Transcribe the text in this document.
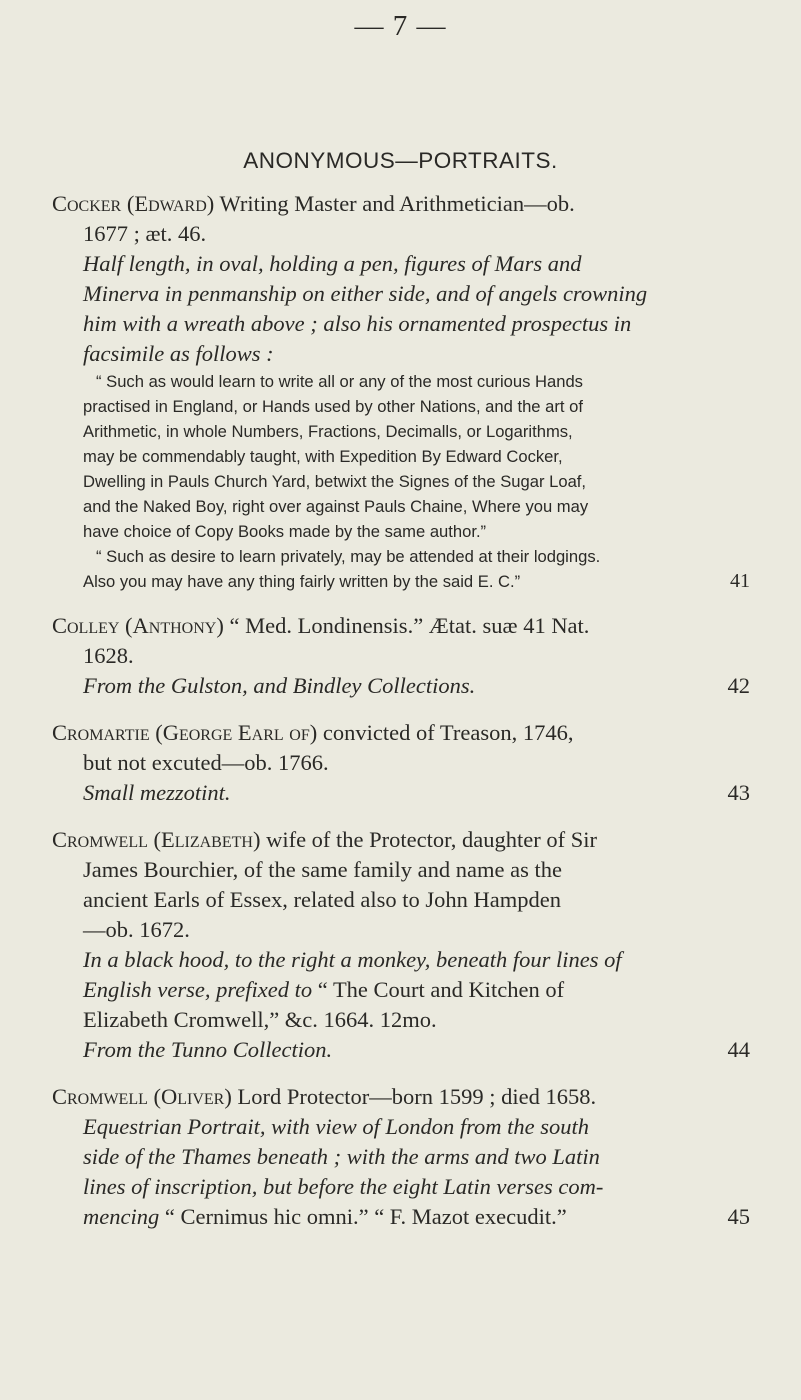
— 7 —
ANONYMOUS—PORTRAITS.

Cocker (Edward) Writing Master and Arithmetician—ob.

1677 ; æt. 46.

Half length, in oval, holding a pen, figures of Mars and

Minerva in penmanship on either side, and of angels crowning

him with a wreath above ; also his ornamented prospectus in

facsimile as follows :

“ Such as would learn to write all or any of the most curious Hands

practised in England, or Hands used by other Nations, and the art of
Arithmetic, in whole Numbers, Fractions, Decimalls, or Logarithms,
may be commendably taught, with Expedition By Edward Cocker,
Dwelling in Pauls Church Yard, betwixt the Signes of the Sugar Loaf,
and the Naked Boy, right over against Pauls Chaine, Where you may
have choice of Copy Books made by the same author.”

“ Such as desire to learn privately, may be attended at their lodgings.

Also you may have any thing fairly written by the said E. C.”	41

Colley (Anthony) “ Med. Londinensis.” Ætat. suæ 41 Nat.

1628.

From the Gulston, and Bindley Collections.	42

Cromartie (George Earl of) convicted of Treason, 1746,

but not excuted—ob. 1766.

Small mezzotint.	43

Cromwell (Elizabeth) wife of the Protector, daughter of Sir

James Bourchier, of the same family and name as the

ancient Earls of Essex, related also to John Hampden

—ob. 1672.

In a black hood, to the right a monkey, beneath four lines of

English verse, prefixed to “ The Court and Kitchen of

Elizabeth Cromwell,” &c. 1664. 12mo.

From the Tunno Collection.	44

Cromwell (Oliver) Lord Protector—born 1599 ; died 1658.

Equestrian Portrait, with view of London from the south

side of the Thames beneath ; with the arms and two Latin

lines of inscription, but before the eight Latin verses com-

mencing “ Cernimus hic omni.” “ F. Mazot execudit.”	45
